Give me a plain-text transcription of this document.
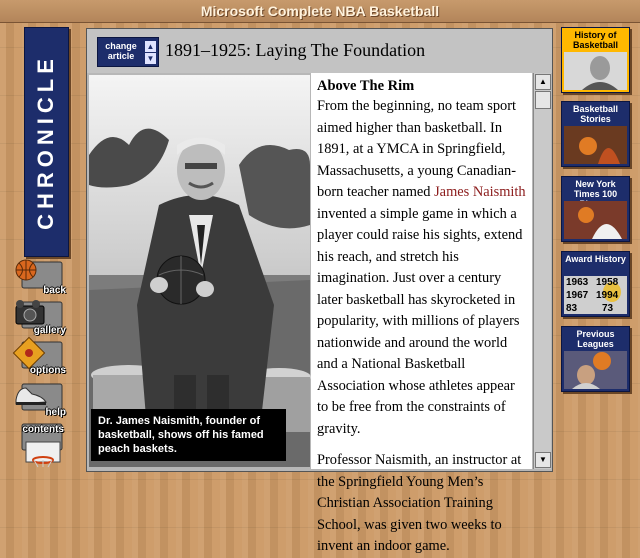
Microsoft Complete NBA Basketball
CHRONICLE
back
gallery
options
help
contents
change article
▲
▼ 1891–1925: Laying The Foundation
Dr. James Naismith, founder of basketball, shows off his famed peach baskets.
Above The Rim

From the beginning, no team sport aimed higher than basketball. In 1891, at a YMCA in Springfield, Massachusetts, a young Canadian-born teacher named James Naismith invented a simple game in which a player could raise his sights, extend his reach, and stretch his imagination. Just over a century later basketball has skyrocketed in popularity, with millions of players nationwide and around the world and a National Basketball Association whose athletes appear to be free from the constraints of gravity.

Professor Naismith, an instructor at the Springfield Young Men’s Christian Association Training School, was given two weeks to invent an indoor game.

▲
▼
History of Basketball
Basketball Stories
New York Times 100
Award History
1963
1967 1994
1958
83 73
Previous Leagues
